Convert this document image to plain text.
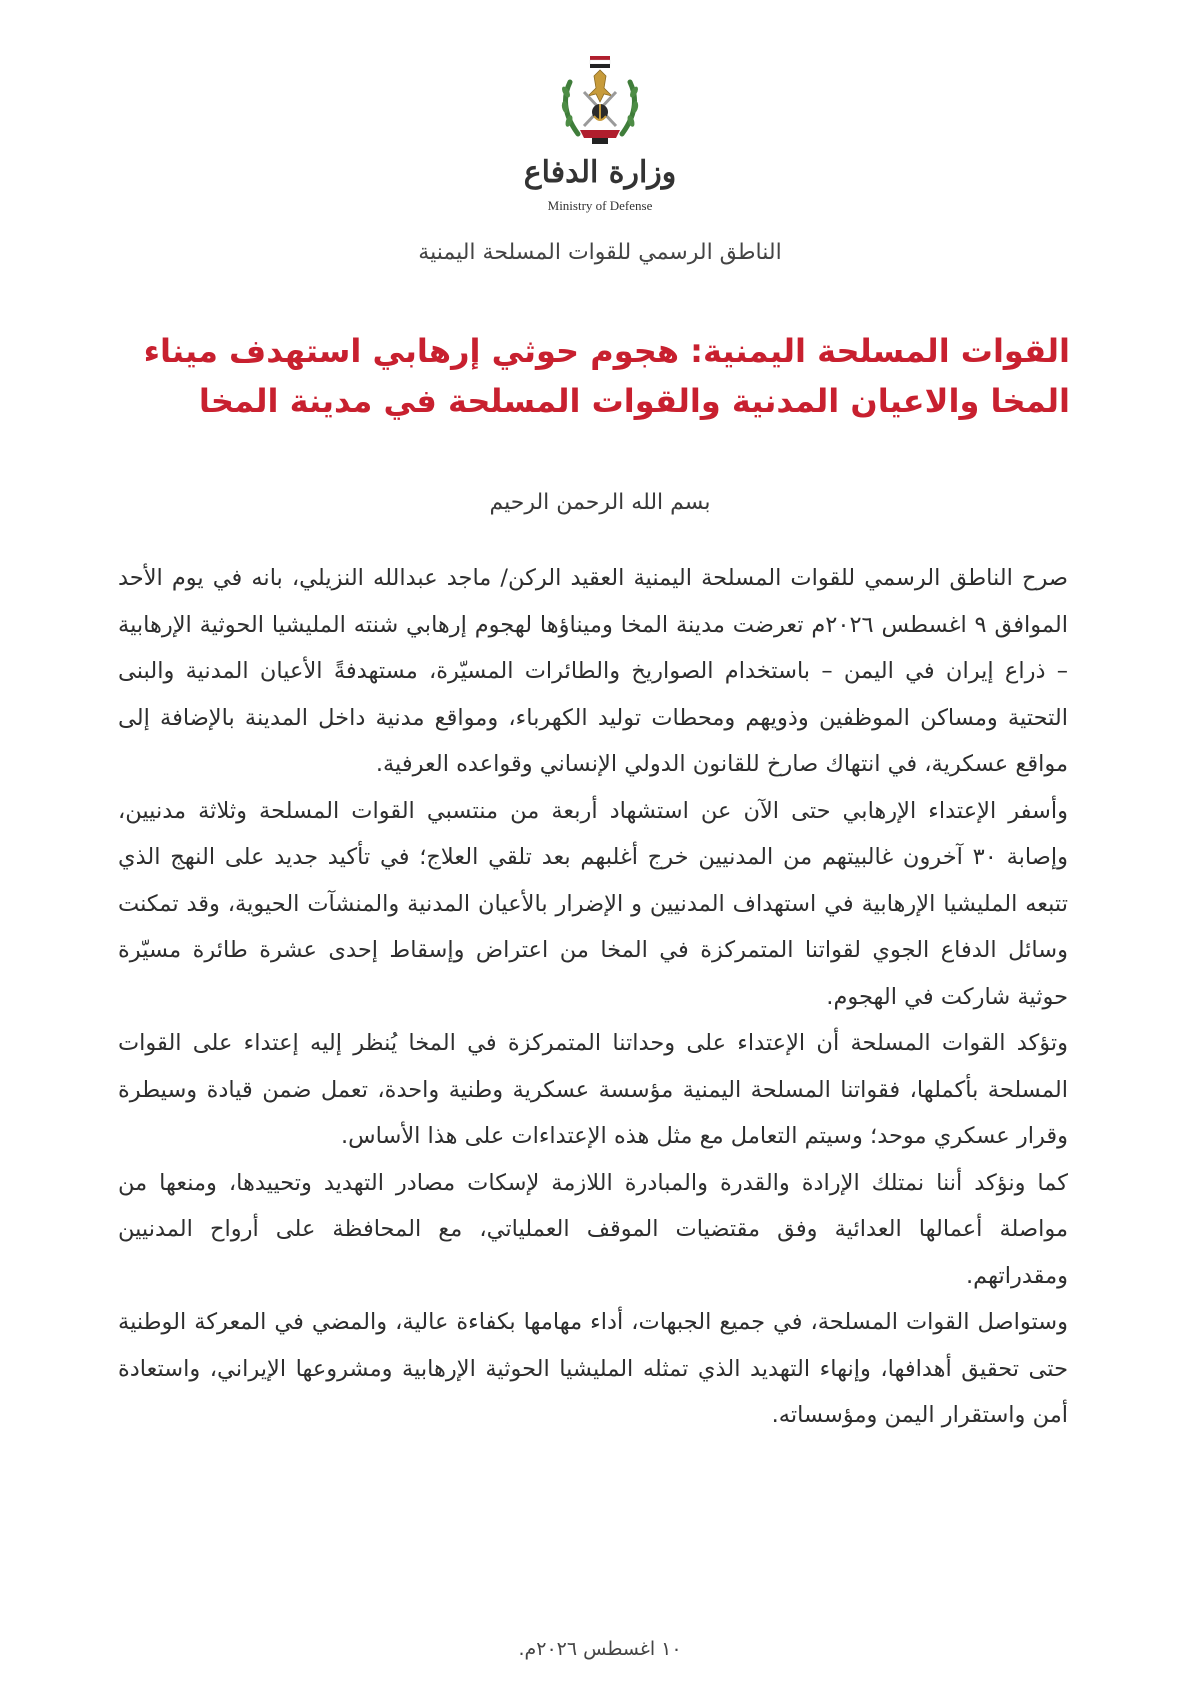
وزارة الدفاع
Ministry of Defense
الناطق الرسمي للقوات المسلحة اليمنية
القوات المسلحة اليمنية: هجوم حوثي إرهابي استهدف ميناء المخا والاعيان المدنية والقوات المسلحة في مدينة المخا
بسم الله الرحمن الرحيم

صرح الناطق الرسمي للقوات المسلحة اليمنية العقيد الركن/ ماجد عبدالله النزيلي، بانه في يوم الأحد الموافق ٩ اغسطس ٢٠٢٦م تعرضت مدينة المخا وميناؤها لهجوم إرهابي شنته المليشيا الحوثية الإرهابية – ذراع إيران في اليمن – باستخدام الصواريخ والطائرات المسيّرة، مستهدفةً الأعيان المدنية والبنى التحتية ومساكن الموظفين وذويهم ومحطات توليد الكهرباء، ومواقع مدنية داخل المدينة بالإضافة إلى مواقع عسكرية، في انتهاك صارخ للقانون الدولي الإنساني وقواعده العرفية.

وأسفر الإعتداء الإرهابي حتى الآن عن استشهاد أربعة من منتسبي القوات المسلحة وثلاثة مدنيين، وإصابة ٣٠ آخرون غالبيتهم من المدنيين خرج أغلبهم بعد تلقي العلاج؛ في تأكيد جديد على النهج الذي تتبعه المليشيا الإرهابية في استهداف المدنيين و الإضرار بالأعيان المدنية والمنشآت الحيوية، وقد تمكنت وسائل الدفاع الجوي لقواتنا المتمركزة في المخا من اعتراض وإسقاط إحدى عشرة طائرة مسيّرة حوثية شاركت في الهجوم.

وتؤكد القوات المسلحة أن الإعتداء على وحداتنا المتمركزة في المخا يُنظر إليه إعتداء على القوات المسلحة بأكملها، فقواتنا المسلحة اليمنية مؤسسة عسكرية وطنية واحدة، تعمل ضمن قيادة وسيطرة وقرار عسكري موحد؛ وسيتم التعامل مع مثل هذه الإعتداءات على هذا الأساس.

كما ونؤكد أننا نمتلك الإرادة والقدرة والمبادرة اللازمة لإسكات مصادر التهديد وتحييدها، ومنعها من مواصلة أعمالها العدائية وفق مقتضيات الموقف العملياتي، مع المحافظة على أرواح المدنيين ومقدراتهم.

وستواصل القوات المسلحة، في جميع الجبهات، أداء مهامها بكفاءة عالية، والمضي في المعركة الوطنية حتى تحقيق أهدافها، وإنهاء التهديد الذي تمثله المليشيا الحوثية الإرهابية ومشروعها الإيراني، واستعادة أمن واستقرار اليمن ومؤسساته.

١٠ اغسطس ٢٠٢٦م.
